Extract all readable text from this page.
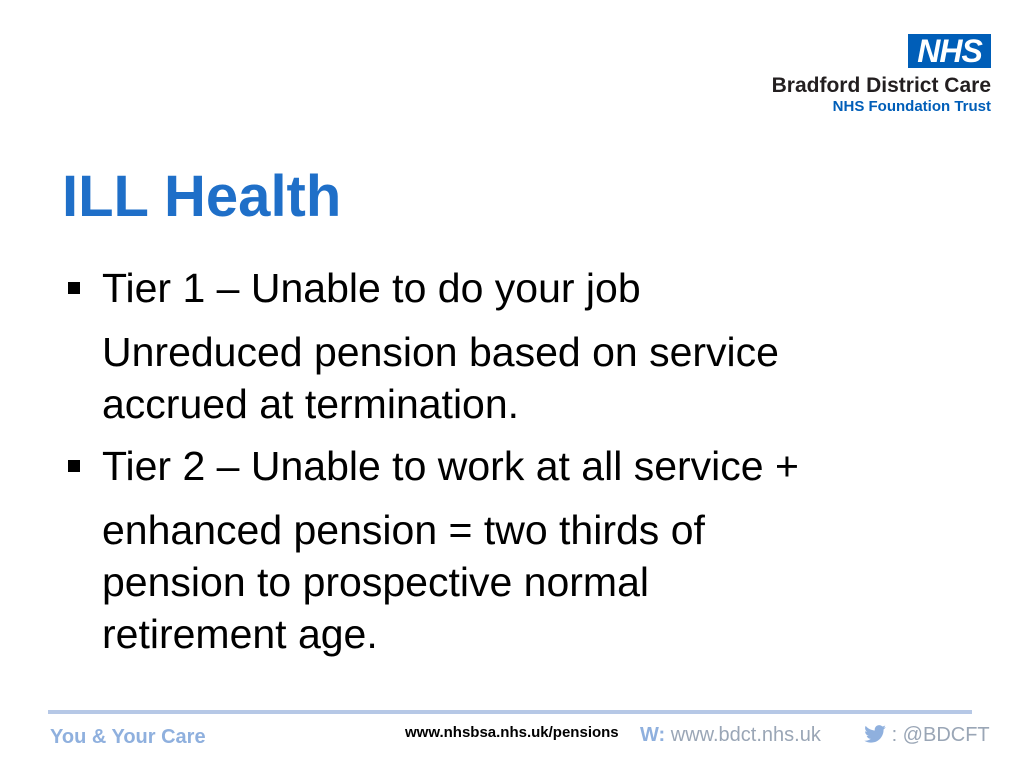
NHS
Bradford District Care
NHS Foundation Trust
ILL Health
Tier 1 – Unable to do your job
Unreduced pension based on service
accrued at termination.
Tier 2 – Unable to work at all service +
enhanced pension = two thirds of
pension to prospective normal
retirement age.
You & Your Care	www.nhsbsa.nhs.uk/pensions W: www.bdct.nhs.uk	: @BDCFT
